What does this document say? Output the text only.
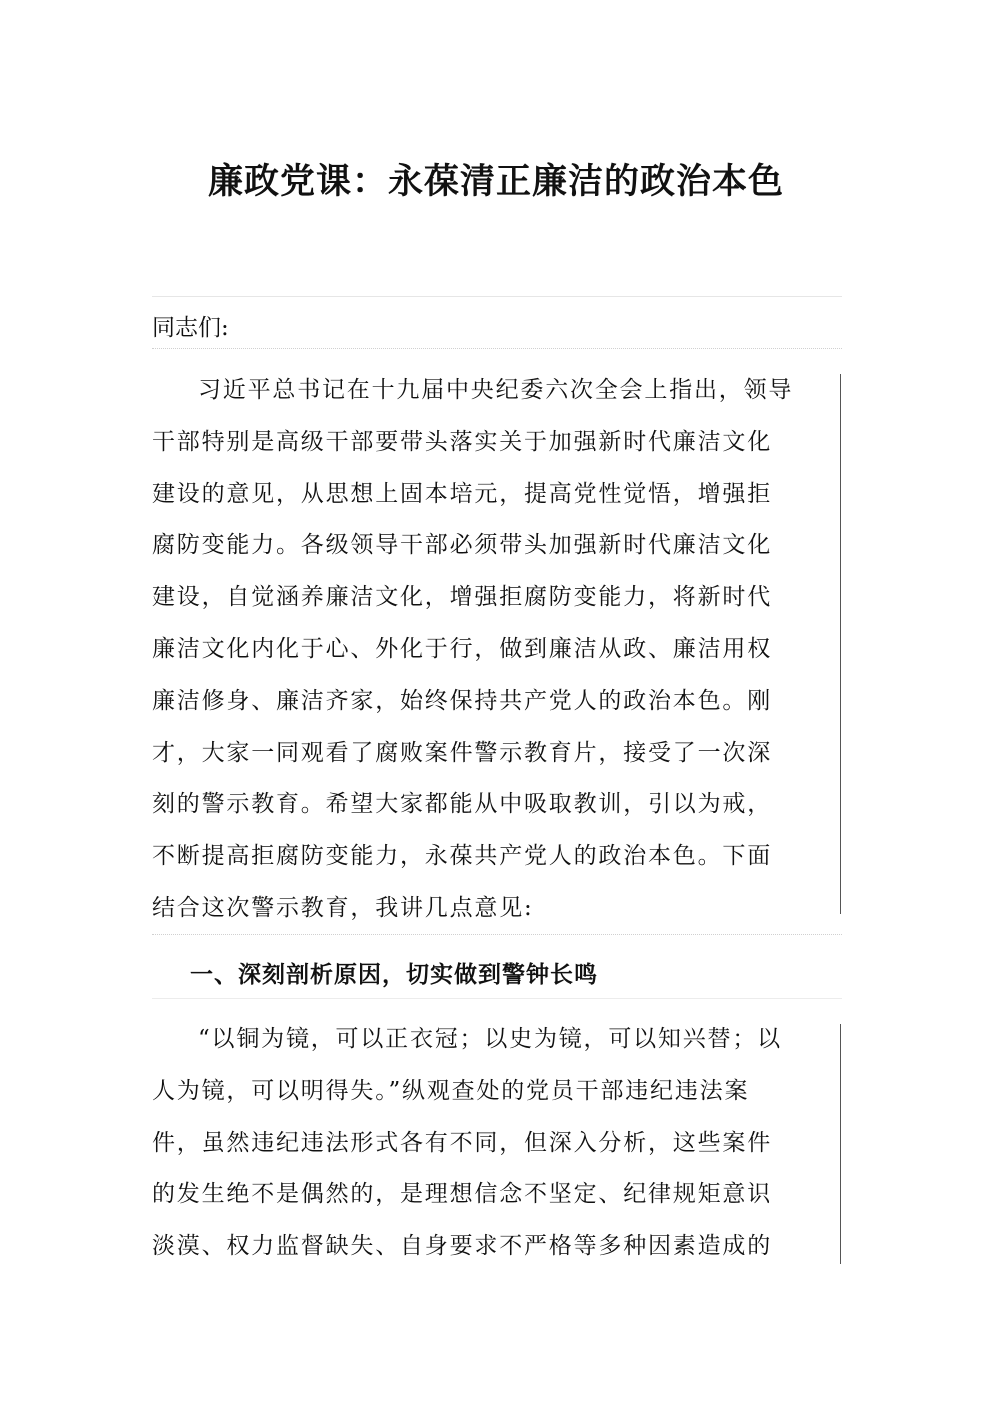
廉政党课：永葆清正廉洁的政治本色
同志们:
习近平总书记在十九届中央纪委六次全会上指出，领导
干部特别是高级干部要带头落实关于加强新时代廉洁文化
建设的意见，从思想上固本培元，提高党性觉悟，增强拒
腐防变能力。各级领导干部必须带头加强新时代廉洁文化
建设，自觉涵养廉洁文化，增强拒腐防变能力，将新时代
廉洁文化内化于心、外化于行，做到廉洁从政、廉洁用权
廉洁修身、廉洁齐家，始终保持共产党人的政治本色。刚
才，大家一同观看了腐败案件警示教育片，接受了一次深
刻的警示教育。希望大家都能从中吸取教训，引以为戒，
不断提高拒腐防变能力，永葆共产党人的政治本色。下面
结合这次警示教育，我讲几点意见:
一、深刻剖析原因，切实做到警钟长鸣
“以铜为镜，可以正衣冠；以史为镜，可以知兴替；以
人为镜，可以明得失。”纵观查处的党员干部违纪违法案
件，虽然违纪违法形式各有不同，但深入分析，这些案件
的发生绝不是偶然的，是理想信念不坚定、纪律规矩意识
淡漠、权力监督缺失、自身要求不严格等多种因素造成的
